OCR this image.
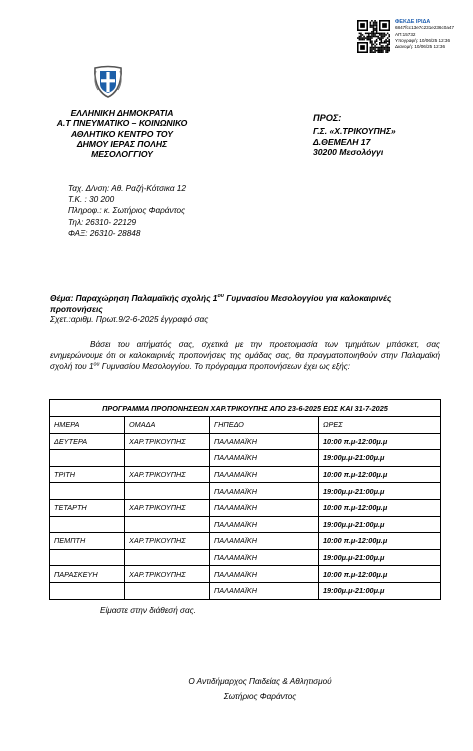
ΦΕΚΔΕ ΙΡΙΔΑ
6847fcc13e7c231e236c0a47
ΑΠ:15732
Υπογραφή: 10/06/25 12:36
Διανομή: 10/06/25 12:36
ΕΛΛΗΝΙΚΗ ΔΗΜΟΚΡΑΤΙΑ
Α.Τ ΠΝΕΥΜΑΤΙΚΟ – ΚΟΙΝΩΝΙΚΟ
ΑΘΛΗΤΙΚΟ ΚΕΝΤΡΟ ΤΟΥ
ΔΗΜΟΥ ΙΕΡΑΣ ΠΟΛΗΣ
ΜΕΣΟΛΟΓΓΙΟΥ
ΠΡΟΣ:
Γ.Σ. «Χ.ΤΡΙΚΟΥΠΗΣ»
Δ.ΘΕΜΕΛΗ 17
30200 Μεσολόγγι
Ταχ. Δ/νση: Αθ. Ραζή-Κότσικα 12
Τ.Κ. : 30 200
Πληροφ.: κ. Σωτήριος Φαράντος
Τηλ: 26310- 22129
ΦΑΞ: 26310- 28848
Θέμα: Παραχώρηση Παλαμαϊκής σχολής $1^{o\upsilon}$ Γυμνασίου Μεσολογγίου για καλοκαιρινές προπονήσεις
Σχετ.:αριθμ. Πρωτ.9/2-6-2025 έγγραφό σας
Βάσει του αιτήματός σας, σχετικά με την προετοιμασία των τμημάτων μπάσκετ, σας ενημερώνουμε ότι οι καλοκαιρινές προπονήσεις της ομάδας σας, θα πραγματοποιηθούν στην Παλαμαϊκή σχολή του $1^{o\upsilon}$ Γυμνασίου Μεσολογγίου. Το πρόγραμμα προπονήσεων έχει ως εξής:
ΠΡΟΓΡΑΜΜΑ ΠΡΟΠΟΝΗΣΕΩΝ ΧΑΡ.ΤΡΙΚΟΥΠΗΣ ΑΠΟ 23-6-2025 ΕΩΣ ΚΑΙ 31-7-2025			
ΗΜΕΡΑ	ΟΜΑΔΑ	ΓΗΠΕΔΟ	ΩΡΕΣ
ΔΕΥΤΕΡΑ	ΧΑΡ.ΤΡΙΚΟΥΠΗΣ	ΠΑΛΑΜΑΪΚΗ	10:00 π.μ-12:00μ.μ
		ΠΑΛΑΜΑΪΚΗ	19:00μ.μ-21:00μ.μ
ΤΡΙΤΗ	ΧΑΡ.ΤΡΙΚΟΥΠΗΣ	ΠΑΛΑΜΑΪΚΗ	10:00 π.μ-12:00μ.μ
		ΠΑΛΑΜΑΪΚΗ	19:00μ.μ-21:00μ.μ
ΤΕΤΑΡΤΗ	ΧΑΡ.ΤΡΙΚΟΥΠΗΣ	ΠΑΛΑΜΑΪΚΗ	10:00 π.μ-12:00μ.μ
		ΠΑΛΑΜΑΪΚΗ	19:00μ.μ-21:00μ.μ
ΠΕΜΠΤΗ	ΧΑΡ.ΤΡΙΚΟΥΠΗΣ	ΠΑΛΑΜΑΪΚΗ	10:00 π.μ-12:00μ.μ
		ΠΑΛΑΜΑΪΚΗ	19:00μ.μ-21:00μ.μ
ΠΑΡΑΣΚΕΥΗ	ΧΑΡ.ΤΡΙΚΟΥΠΗΣ	ΠΑΛΑΜΑΪΚΗ	10:00 π.μ-12:00μ.μ
		ΠΑΛΑΜΑΪΚΗ	19:00μ.μ-21:00μ.μ
Είμαστε στην διάθεσή σας.
Ο Αντιδήμαρχος Παιδείας & Αθλητισμού
Σωτήριος Φαράντος
